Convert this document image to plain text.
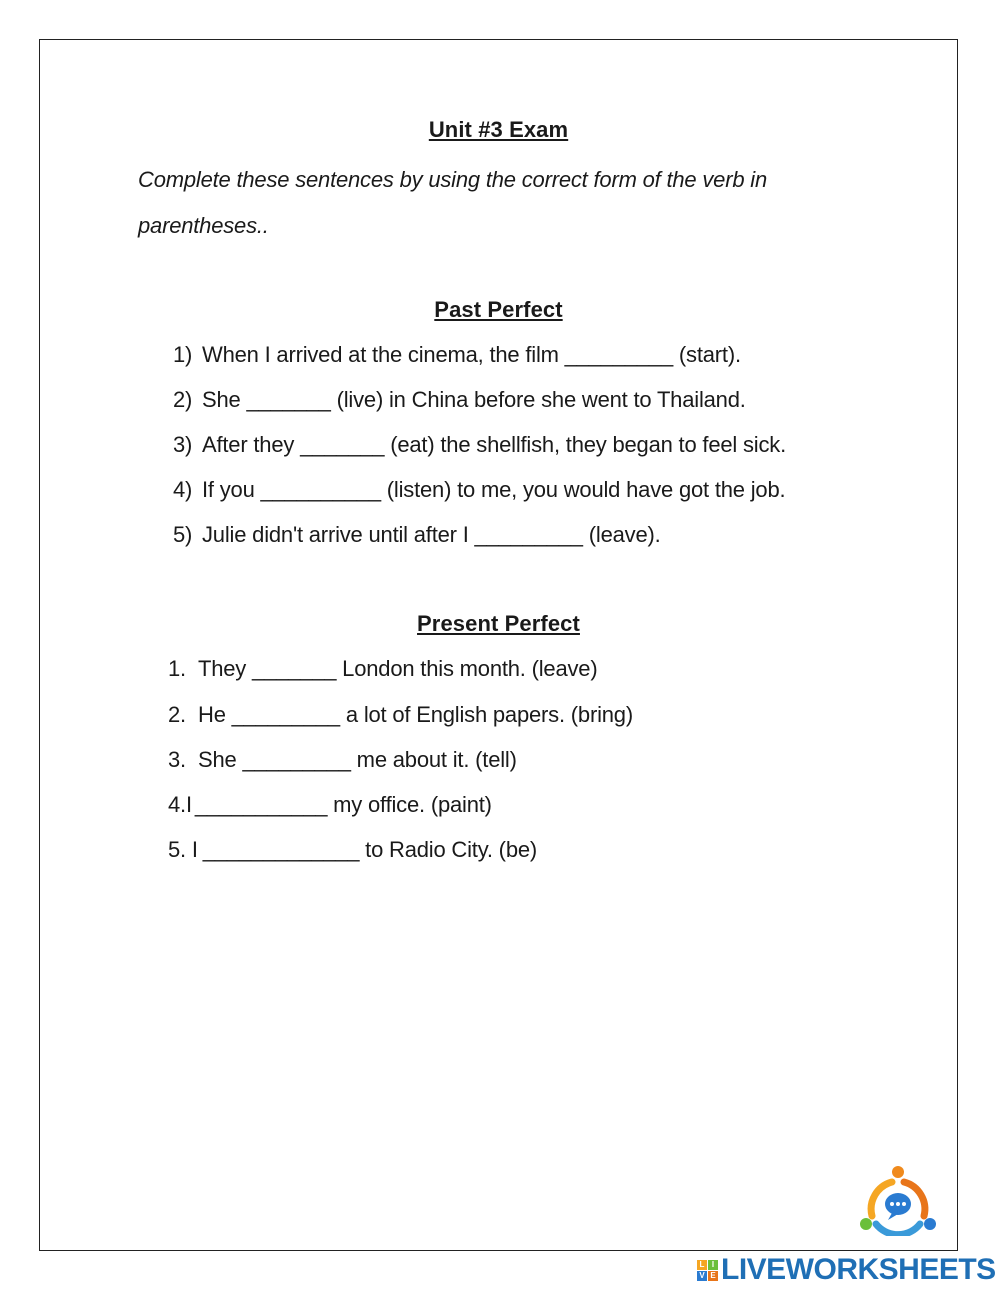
Unit #3 Exam
Complete these sentences by using the correct form of the verb in parentheses..
Past Perfect
1) When I arrived at the cinema, the film _________ (start).
2) She _______ (live) in China before she went to Thailand.
3) After they _______ (eat) the shellfish, they began to feel sick.
4) If you __________ (listen) to me, you would have got the job.
5) Julie didn't arrive until after I _________ (leave).
Present Perfect
1. They _______ London this month. (leave)
2. He _________ a lot of English papers. (bring)
3. She _________ me about it. (tell)
4.I ___________ my office. (paint)
5. I _____________ to Radio City. (be)
L I
V E LIVEWORKSHEETS
